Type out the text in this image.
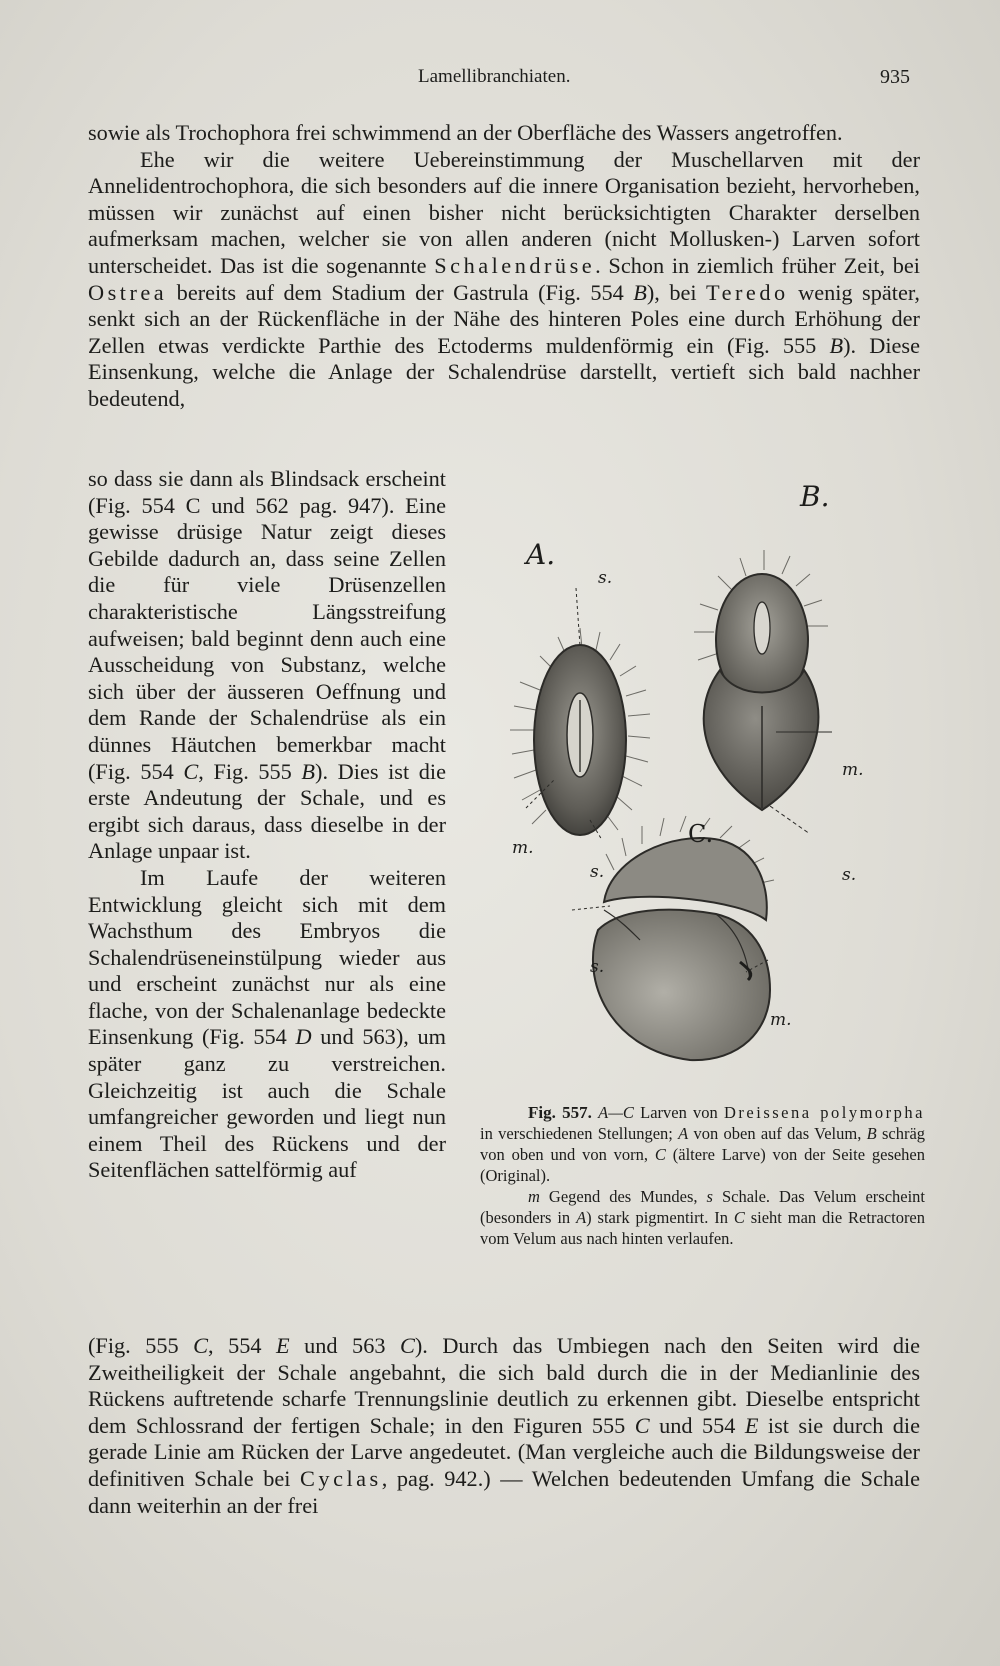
Lamellibranchiaten.	935

sowie als Trochophora frei schwimmend an der Oberfläche des Wassers angetroffen.

Ehe wir die weitere Uebereinstimmung der Muschellarven mit der Annelidentrochophora, die sich besonders auf die innere Organisation bezieht, hervorheben, müssen wir zunächst auf einen bisher nicht berücksichtigten Charakter derselben aufmerksam machen, welcher sie von allen anderen (nicht Mollusken-) Larven sofort unterscheidet. Das ist die sogenannte Schalendrüse. Schon in ziemlich früher Zeit, bei Ostrea bereits auf dem Stadium der Gastrula (Fig. 554 B), bei Teredo wenig später, senkt sich an der Rückenfläche in der Nähe des hinteren Poles eine durch Erhöhung der Zellen etwas verdickte Parthie des Ectoderms muldenförmig ein (Fig. 555 B). Diese Einsenkung, welche die Anlage der Schalendrüse darstellt, vertieft sich bald nachher bedeutend,

so dass sie dann als Blindsack erscheint (Fig. 554 C und 562 pag. 947). Eine gewisse drüsige Natur zeigt dieses Gebilde dadurch an, dass seine Zellen die für viele Drüsenzellen charakteristische Längsstreifung aufweisen; bald beginnt denn auch eine Ausscheidung von Substanz, welche sich über der äusseren Oeffnung und dem Rande der Schalendrüse als ein dünnes Häutchen bemerkbar macht (Fig. 554 C, Fig. 555 B). Dies ist die erste Andeutung der Schale, und es ergibt sich daraus, dass dieselbe in der Anlage unpaar ist.

Im Laufe der weiteren Entwicklung gleicht sich mit dem Wachsthum des Embryos die Schalendrüseneinstülpung wieder aus und erscheint zunächst nur als eine flache, von der Schalenanlage bedeckte Einsenkung (Fig. 554 D und 563), um später ganz zu verstreichen. Gleichzeitig ist auch die Schale umfangreicher geworden und liegt nun einem Theil des Rückens und der Seitenflächen sattelförmig auf

A.
B.
C.
s.
m.
s.
m.
s.
s.
m.

Fig. 557. A—C Larven von Dreissena polymorpha in verschiedenen Stellungen; A von oben auf das Velum, B schräg von oben und von vorn, C (ältere Larve) von der Seite gesehen (Original).

m Gegend des Mundes, s Schale. Das Velum erscheint (besonders in A) stark pigmentirt. In C sieht man die Retractoren vom Velum aus nach hinten verlaufen.

(Fig. 555 C, 554 E und 563 C). Durch das Umbiegen nach den Seiten wird die Zweitheiligkeit der Schale angebahnt, die sich bald durch die in der Medianlinie des Rückens auftretende scharfe Trennungslinie deutlich zu erkennen gibt. Dieselbe entspricht dem Schlossrand der fertigen Schale; in den Figuren 555 C und 554 E ist sie durch die gerade Linie am Rücken der Larve angedeutet. (Man vergleiche auch die Bildungsweise der definitiven Schale bei Cyclas, pag. 942.) — Welchen bedeutenden Umfang die Schale dann weiterhin an der frei
